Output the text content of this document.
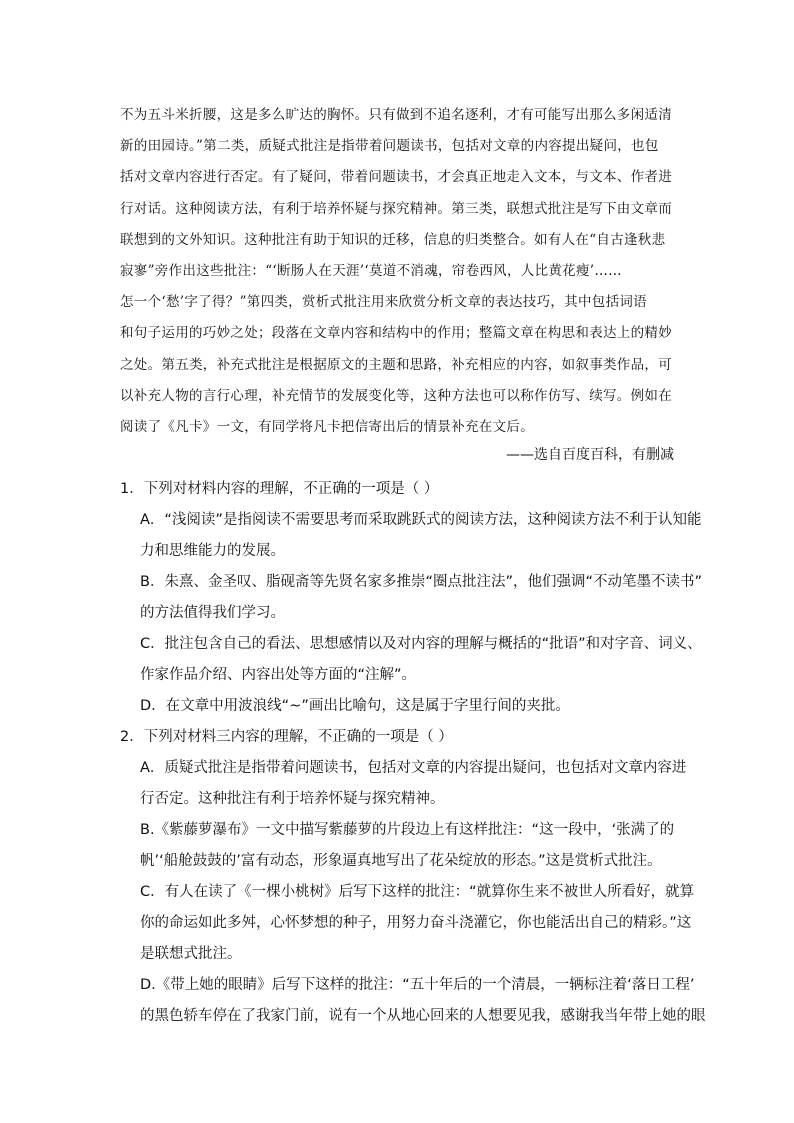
不为五斗米折腰，这是多么旷达的胸怀。只有做到不追名逐利，才有可能写出那么多闲适清
新的田园诗。”第二类，质疑式批注是指带着问题读书，包括对文章的内容提出疑问，也包
括对文章内容进行否定。有了疑问，带着问题读书，才会真正地走入文本，与文本、作者进
行对话。这种阅读方法，有利于培养怀疑与探究精神。第三类，联想式批注是写下由文章而
联想到的文外知识。这种批注有助于知识的迁移，信息的归类整合。如有人在“自古逢秋悲
寂寥”旁作出这些批注：“‘断肠人在天涯’‘莫道不消魂，帘卷西风，人比黄花瘦’……
怎一个‘愁’字了得？”第四类，赏析式批注用来欣赏分析文章的表达技巧，其中包括词语
和句子运用的巧妙之处；段落在文章内容和结构中的作用；整篇文章在构思和表达上的精妙
之处。第五类，补充式批注是根据原文的主题和思路，补充相应的内容，如叙事类作品，可
以补充人物的言行心理，补充情节的发展变化等，这种方法也可以称作仿写、续写。例如在
阅读了《凡卡》一文，有同学将凡卡把信寄出后的情景补充在文后。
——选自百度百科，有删减
1．下列对材料内容的理解，不正确的一项是（ ）
A．“浅阅读”是指阅读不需要思考而采取跳跃式的阅读方法，这种阅读方法不利于认知能
力和思维能力的发展。
B．朱熹、金圣叹、脂砚斋等先贤名家多推崇“圈点批注法”，他们强调“不动笔墨不读书”
的方法值得我们学习。
C．批注包含自己的看法、思想感情以及对内容的理解与概括的“批语”和对字音、词义、
作家作品介绍、内容出处等方面的“注解”。
D．在文章中用波浪线“~”画出比喻句，这是属于字里行间的夹批。
2．下列对材料三内容的理解，不正确的一项是（ ）
A．质疑式批注是指带着问题读书，包括对文章的内容提出疑问，也包括对文章内容进
行否定。这种批注有利于培养怀疑与探究精神。
B.《紫藤萝瀑布》一文中描写紫藤萝的片段边上有这样批注：“这一段中，‘张满了的
帆’‘船舱鼓鼓的’富有动态，形象逼真地写出了花朵绽放的形态。”这是赏析式批注。
C．有人在读了《一棵小桃树》后写下这样的批注：“就算你生来不被世人所看好，就算
你的命运如此多舛，心怀梦想的种子，用努力奋斗浇灌它，你也能活出自己的精彩。”这
是联想式批注。
D.《带上她的眼睛》后写下这样的批注：“五十年后的一个清晨，一辆标注着‘落日工程’
的黑色轿车停在了我家门前，说有一个从地心回来的人想要见我，感谢我当年带上她的眼
